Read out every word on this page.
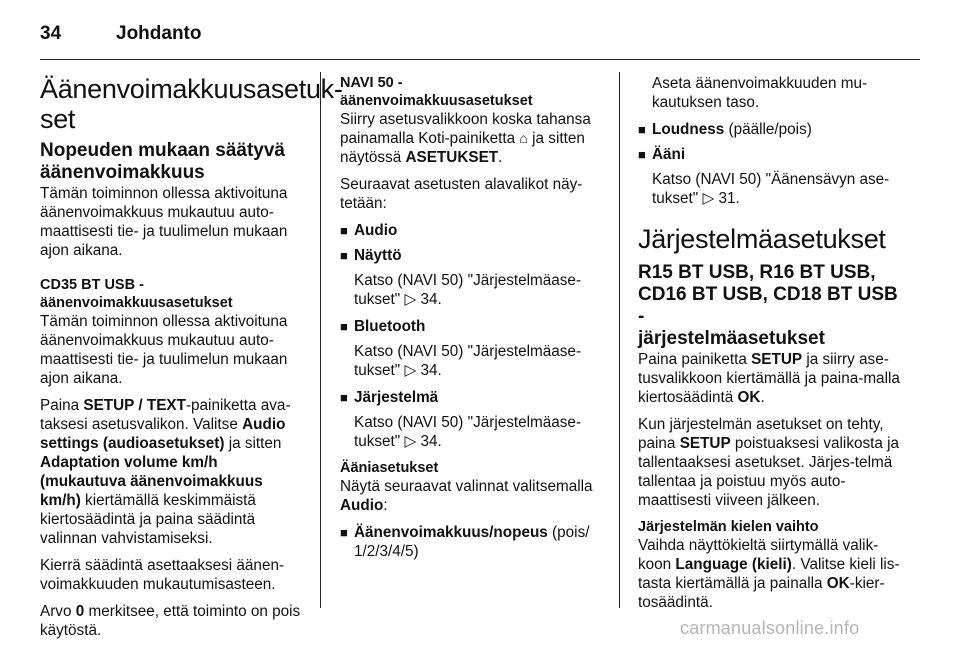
34	Johdanto
Äänenvoimakkuusasetuk-
set
Nopeuden mukaan säätyvä
äänenvoimakkuus

Tämän toiminnon ollessa aktivoituna äänenvoimakkuus mukautuu auto-maattisesti tie- ja tuulimelun mukaan ajon aikana.

CD35 BT USB -
äänenvoimakkuusasetukset

Tämän toiminnon ollessa aktivoituna äänenvoimakkuus mukautuu auto-maattisesti tie- ja tuulimelun mukaan ajon aikana.

Paina SETUP / TEXT-painiketta ava-taksesi asetusvalikon. Valitse Audio settings (audioasetukset) ja sitten Adaptation volume km/h (mukautuva äänenvoimakkuus km/h) kiertämällä keskimmäistä kiertosäädintä ja paina säädintä valinnan vahvistamiseksi.

Kierrä säädintä asettaaksesi äänen-voimakkuuden mukautumisasteen.

Arvo 0 merkitsee, että toiminto on pois käytöstä.

NAVI 50 -
äänenvoimakkuusasetukset

Siirry asetusvalikkoon koska tahansa painamalla Koti-painiketta ⌂ ja sitten näytössä ASETUKSET.

Seuraavat asetusten alavalikot näy-tetään:

■ Audio
■ Näyttö

Katso (NAVI 50) "Järjestelmäase-tukset" ▷ 34.

■ Bluetooth

Katso (NAVI 50) "Järjestelmäase-tukset" ▷ 34.

■ Järjestelmä

Katso (NAVI 50) "Järjestelmäase-tukset" ▷ 34.

Ääniasetukset

Näytä seuraavat valinnat valitsemalla Audio:

■ Äänenvoimakkuus/nopeus (pois/ 1/2/3/4/5)

Aseta äänenvoimakkuuden mu-kautuksen taso.

■ Loudness (päälle/pois)
■ Ääni

Katso (NAVI 50) "Äänensävyn ase-tukset" ▷ 31.

Järjestelmäasetukset
R15 BT USB, R16 BT USB,
CD16 BT USB, CD18 BT USB -
järjestelmäasetukset

Paina painiketta SETUP ja siirry ase-tusvalikkoon kiertämällä ja paina-malla kiertosäädintä OK.

Kun järjestelmän asetukset on tehty, paina SETUP poistuaksesi valikosta ja tallentaaksesi asetukset. Järjes-telmä tallentaa ja poistuu myös auto-maattisesti viiveen jälkeen.

Järjestelmän kielen vaihto

Vaihda näyttökieltä siirtymällä valik-koon Language (kieli). Valitse kieli lis-tasta kiertämällä ja painalla OK-kier-tosäädintä.

carmanualsonline.info
